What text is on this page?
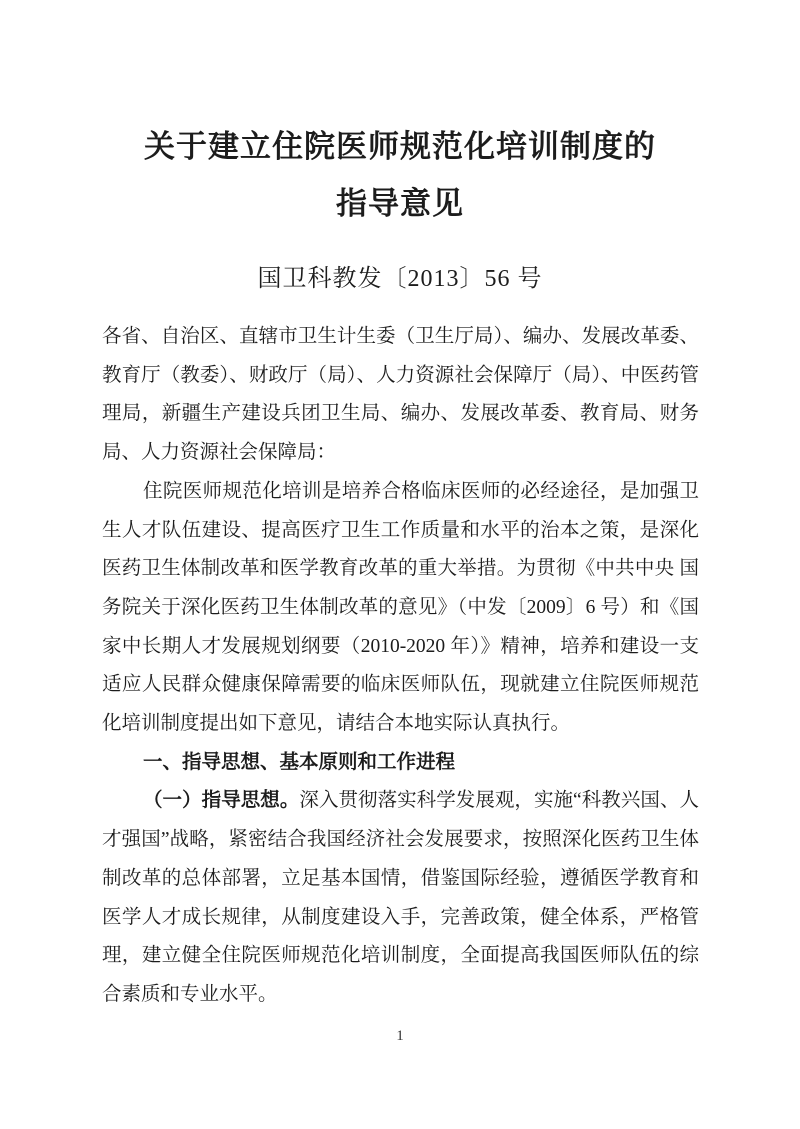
关于建立住院医师规范化培训制度的
指导意见
国卫科教发〔2013〕56 号

各省、自治区、直辖市卫生计生委（卫生厅局）、编办、发展改革委、教育厅（教委）、财政厅（局）、人力资源社会保障厅（局）、中医药管理局，新疆生产建设兵团卫生局、编办、发展改革委、教育局、财务局、人力资源社会保障局：

住院医师规范化培训是培养合格临床医师的必经途径，是加强卫生人才队伍建设、提高医疗卫生工作质量和水平的治本之策，是深化医药卫生体制改革和医学教育改革的重大举措。为贯彻《中共中央 国务院关于深化医药卫生体制改革的意见》（中发〔2009〕6 号）和《国家中长期人才发展规划纲要（2010-2020 年）》精神，培养和建设一支适应人民群众健康保障需要的临床医师队伍，现就建立住院医师规范化培训制度提出如下意见，请结合本地实际认真执行。

一、指导思想、基本原则和工作进程

（一）指导思想。深入贯彻落实科学发展观，实施“科教兴国、人才强国”战略，紧密结合我国经济社会发展要求，按照深化医药卫生体制改革的总体部署，立足基本国情，借鉴国际经验，遵循医学教育和医学人才成长规律，从制度建设入手，完善政策，健全体系，严格管理，建立健全住院医师规范化培训制度，全面提高我国医师队伍的综合素质和专业水平。

1
